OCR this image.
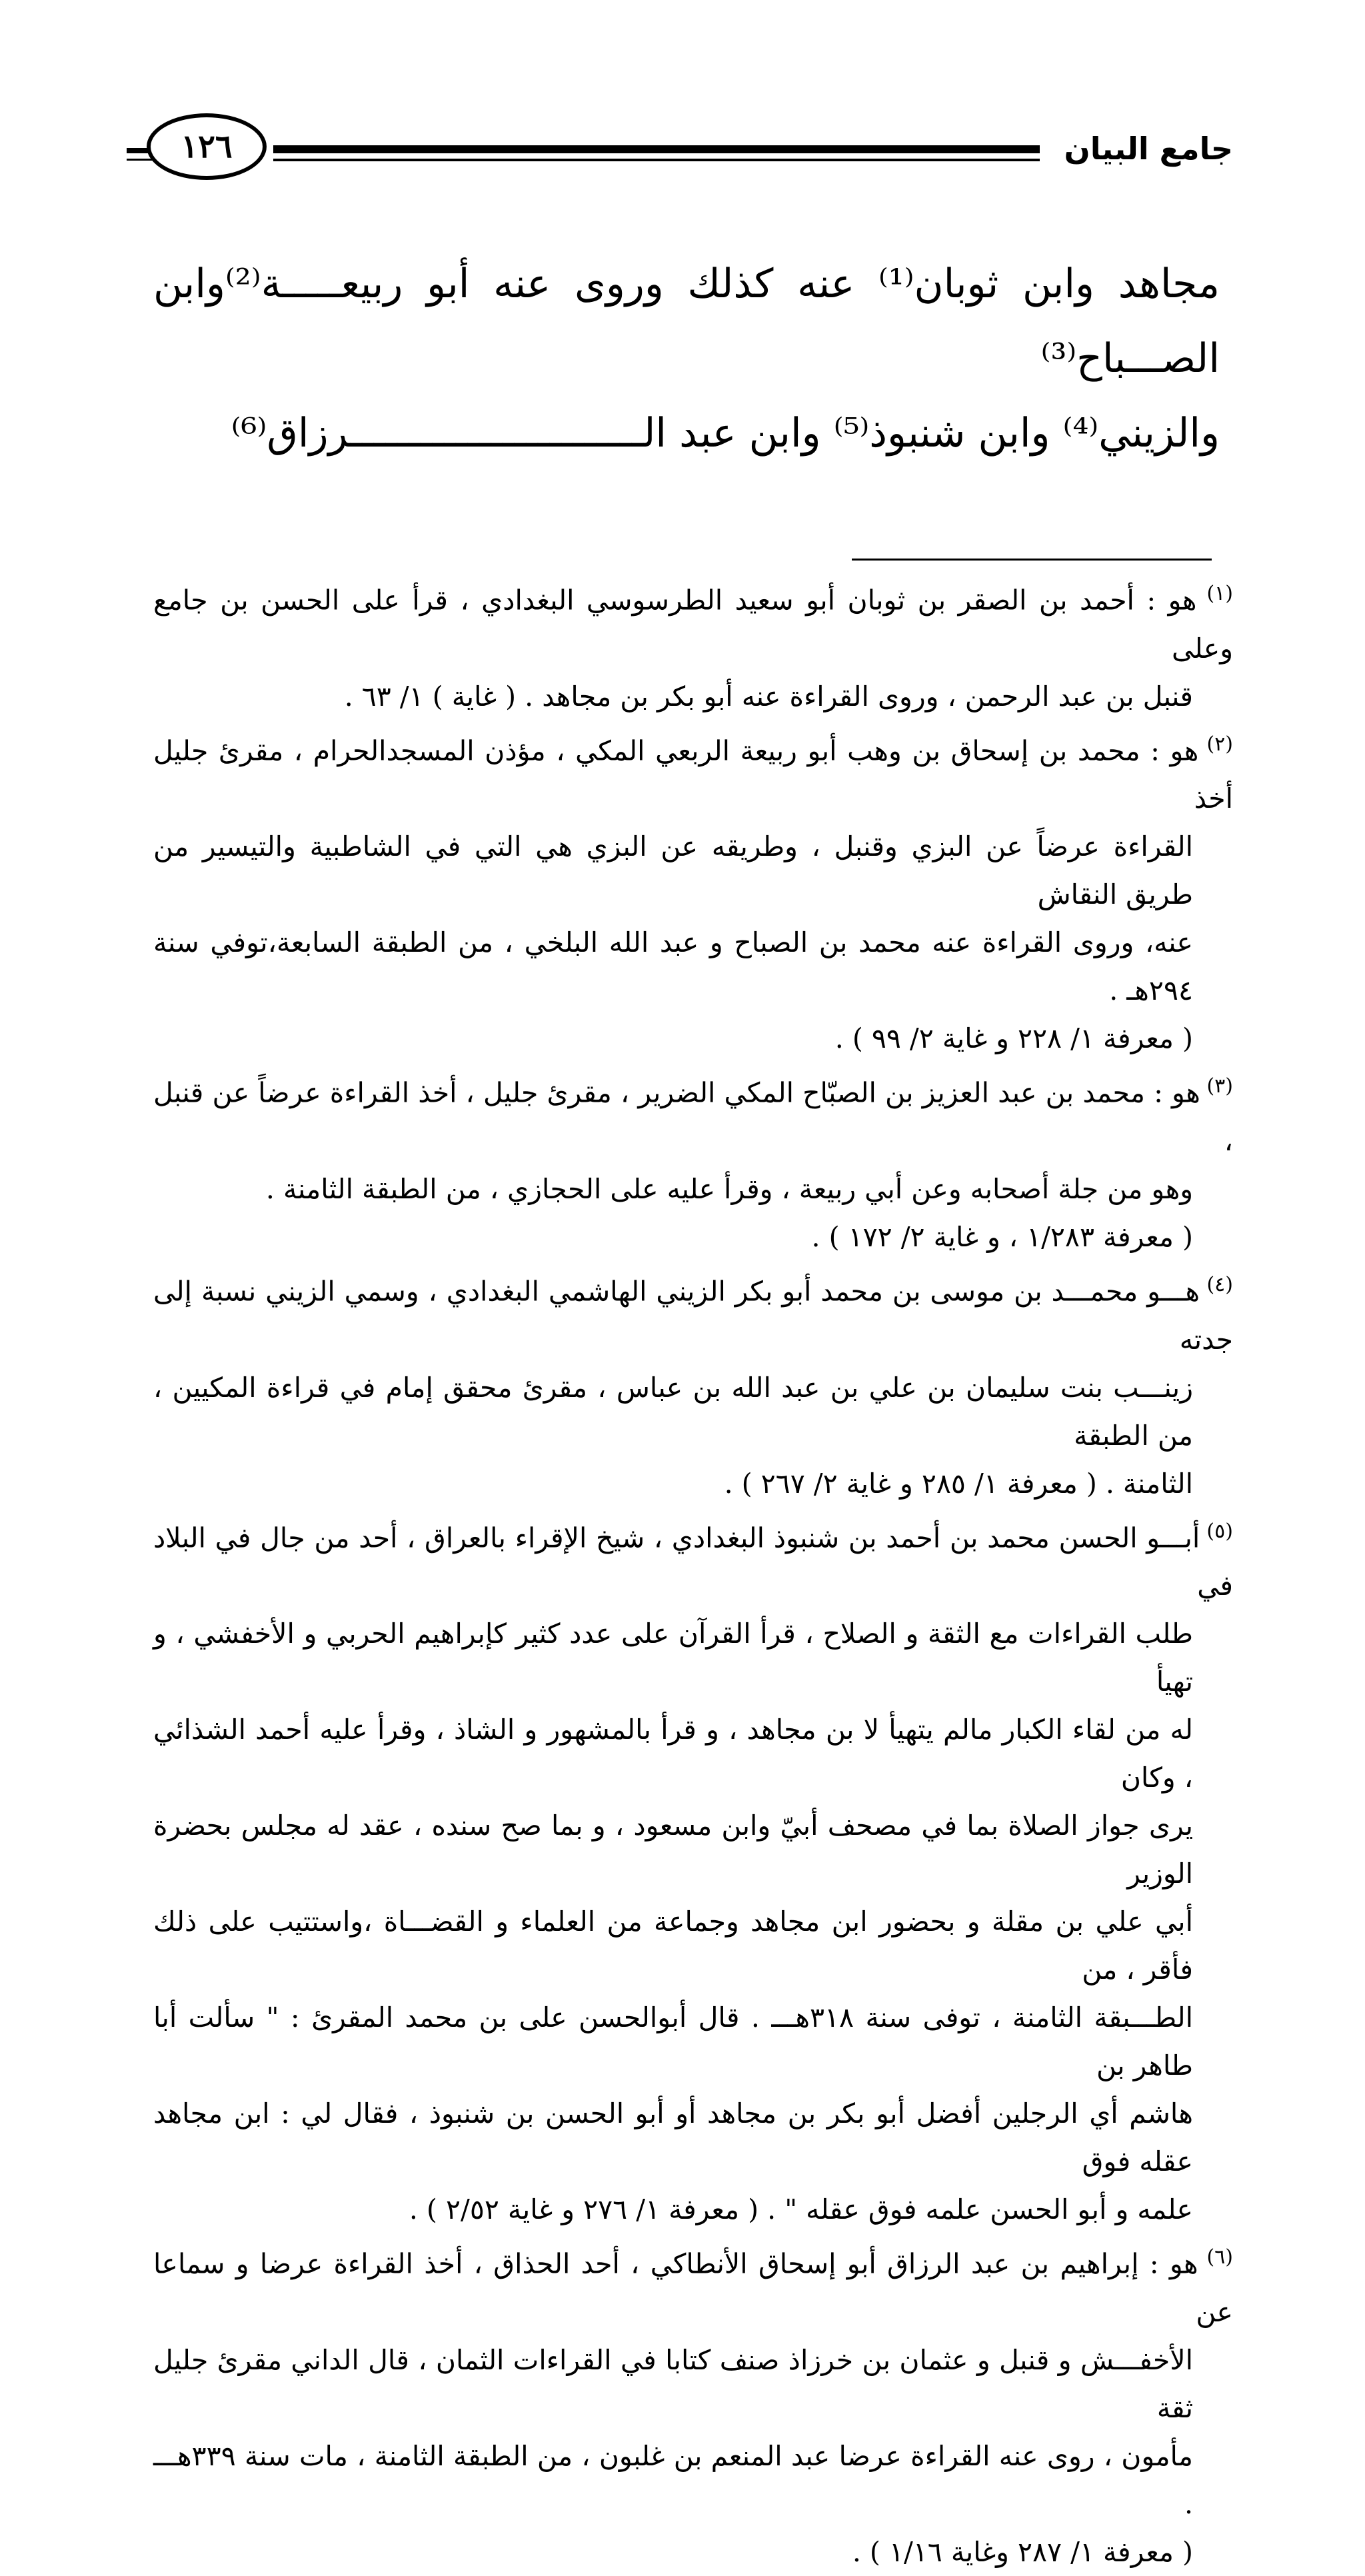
١٢٦	جامع البيان

مجاهد وابن ثوبان⁽¹⁾ عنه كذلك وروى عنه أبو ربيعـــــة⁽²⁾وابن الصـــباح⁽³⁾

والزيني⁽⁴⁾ وابن شنبوذ⁽⁵⁾ وابن عبد الـــــــــــــــــــــــــرزاق⁽⁶⁾

$^{(١)}$ هو : أحمد بن الصقر بن ثوبان أبو سعيد الطرسوسي البغدادي ، قرأ على الحسن بن جامع وعلى
قنبل بن عبد الرحمن ، وروى القراءة عنه أبو بكر بن مجاهد . ( غاية ) ١/ ٦٣ .
$^{(٢)}$ هو : محمد بن إسحاق بن وهب أبو ربيعة الربعي المكي ، مؤذن المسجدالحرام ، مقرئ جليل أخذ
القراءة عرضاً عن البزي وقنبل ، وطريقه عن البزي هي التي في الشاطبية والتيسير من طريق النقاش
عنه، وروى القراءة عنه محمد بن الصباح و عبد الله البلخي ، من الطبقة السابعة،توفي سنة ٢٩٤هـ .
( معرفة ١/ ٢٢٨ و غاية ٢/ ٩٩ ) .
$^{(٣)}$ هو : محمد بن عبد العزيز بن الصبّاح المكي الضرير ، مقرئ جليل ، أخذ القراءة عرضاً عن قنبل ،
وهو من جلة أصحابه وعن أبي ربيعة ، وقرأ عليه على الحجازي ، من الطبقة الثامنة .
( معرفة ١/٢٨٣ ، و غاية ٢/ ١٧٢ ) .
$^{(٤)}$ هـــو محمـــد بن موسى بن محمد أبو بكر الزيني الهاشمي البغدادي ، وسمي الزيني نسبة إلى جدته
زينـــب بنت سليمان بن علي بن عبد الله بن عباس ، مقرئ محقق إمام في قراءة المكيين ، من الطبقة
الثامنة . ( معرفة ١/ ٢٨٥ و غاية ٢/ ٢٦٧ ) .
$^{(٥)}$ أبـــو الحسن محمد بن أحمد بن شنبوذ البغدادي ، شيخ الإقراء بالعراق ، أحد من جال في البلاد في
طلب القراءات مع الثقة و الصلاح ، قرأ القرآن على عدد كثير كإبراهيم الحربي و الأخفشي ، و تهيأ
له من لقاء الكبار مالم يتهيأ لا بن مجاهد ، و قرأ بالمشهور و الشاذ ، وقرأ عليه أحمد الشذائي ، وكان
يرى جواز الصلاة بما في مصحف أبيّ وابن مسعود ، و بما صح سنده ، عقد له مجلس بحضرة الوزير
أبي علي بن مقلة و بحضور ابن مجاهد وجماعة من العلماء و القضـــاة ،واستتيب على ذلك فأقر ، من
الطـــبقة الثامنة ، توفى سنة ٣١٨هـــ . قال أبوالحسن على بن محمد المقرئ : " سألت أبا طاهر بن
هاشم أي الرجلين أفضل أبو بكر بن مجاهد أو أبو الحسن بن شنبوذ ، فقال لي : ابن مجاهد عقله فوق
علمه و أبو الحسن علمه فوق عقله " . ( معرفة ١/ ٢٧٦ و غاية ٢/٥٢ ) .
$^{(٦)}$ هو : إبراهيم بن عبد الرزاق أبو إسحاق الأنطاكي ، أحد الحذاق ، أخذ القراءة عرضا و سماعا عن
الأخفـــش و قنبل و عثمان بن خرزاذ صنف كتابا في القراءات الثمان ، قال الداني مقرئ جليل ثقة
مأمون ، روى عنه القراءة عرضا عبد المنعم بن غلبون ، من الطبقة الثامنة ، مات سنة ٣٣٩هـــ .
( معرفة ١/ ٢٨٧ وغاية ١/١٦ ) .
